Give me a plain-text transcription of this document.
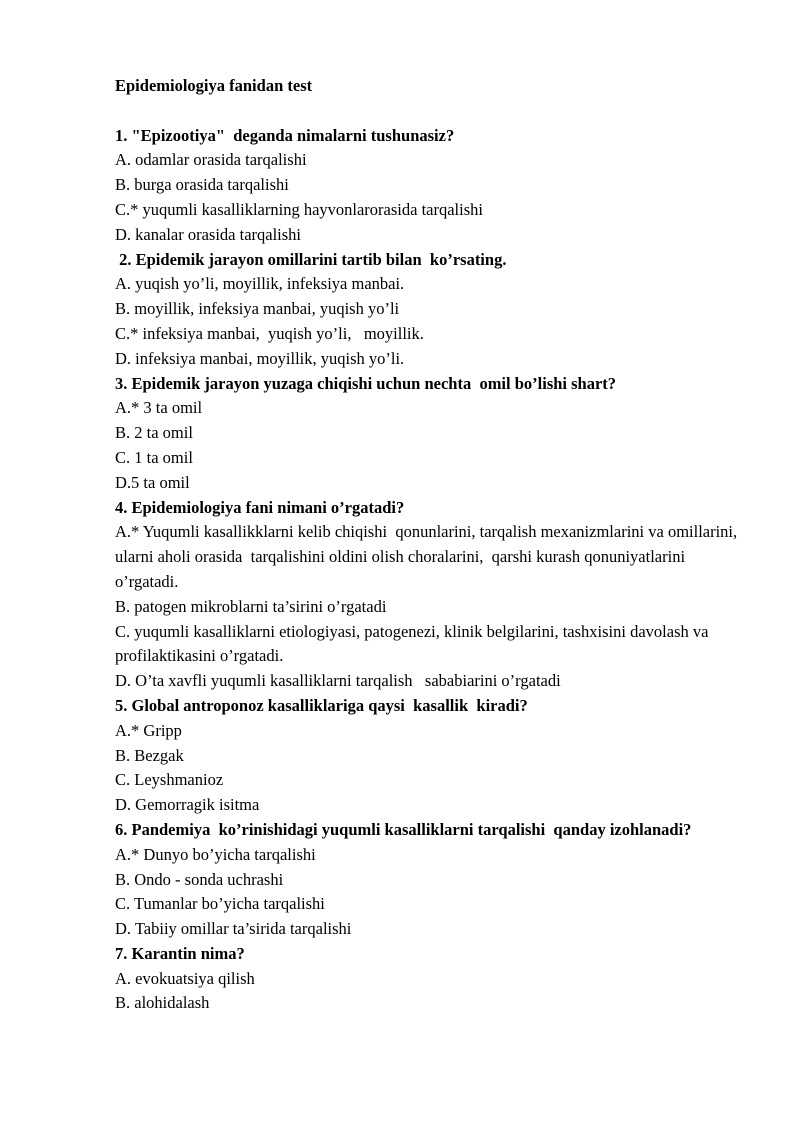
Epidemiologiya fanidan test

1. "Epizootiya"  deganda nimalarni tushunasiz?
A. odamlar orasida tarqalishi
B. burga orasida tarqalishi
C.* yuqumli kasalliklarning hayvonlarorasida tarqalishi
D. kanalar orasida tarqalishi
2. Epidemik jarayon omillarini tartib bilan  ko’rsating.
A. yuqish yo’li, moyillik, infeksiya manbai.
B. moyillik, infeksiya manbai, yuqish yo’li
C.* infeksiya manbai,  yuqish yo’li,   moyillik.
D. infeksiya manbai, moyillik, yuqish yo’li.
3. Epidemik jarayon yuzaga chiqishi uchun nechta  omil bo’lishi shart?
A.* 3 ta omil
B. 2 ta omil
C. 1 ta omil
D.5 ta omil
4. Epidemiologiya fani nimani o’rgatadi?
A.* Yuqumli kasallikklarni kelib chiqishi  qonunlarini, tarqalish mexanizmlarini va omillarini, ularni aholi orasida  tarqalishini oldini olish choralarini,  qarshi kurash qonuniyatlarini  o’rgatadi.
B. patogen mikroblarni ta’sirini o’rgatadi
C. yuqumli kasalliklarni etiologiyasi, patogenezi, klinik belgilarini, tashxisini davolash va profilaktikasini o’rgatadi.
D. O’ta xavfli yuqumli kasalliklarni tarqalish   sababiarini o’rgatadi
5. Global antroponoz kasalliklariga qaysi  kasallik  kiradi?
A.* Gripp
B. Bezgak
C. Leyshmanioz
D. Gemorragik isitma
6. Pandemiya  ko’rinishidagi yuqumli kasalliklarni tarqalishi  qanday izohlanadi?
A.* Dunyo bo’yicha tarqalishi
B. Ondo - sonda uchrashi
C. Tumanlar bo’yicha tarqalishi
D. Tabiiy omillar ta’sirida tarqalishi
7. Karantin nima?
A. evokuatsiya qilish
B. alohidalash
